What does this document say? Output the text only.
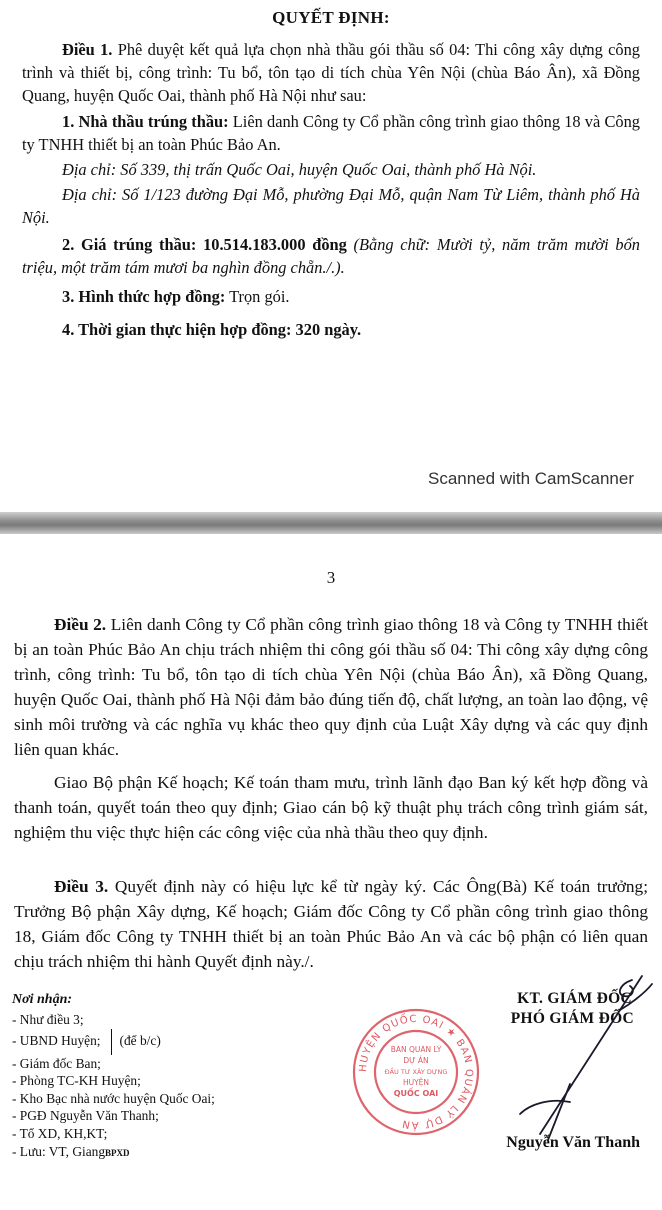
QUYẾT ĐỊNH:

Điều 1. Phê duyệt kết quả lựa chọn nhà thầu gói thầu số 04: Thi công xây dựng công trình và thiết bị, công trình: Tu bổ, tôn tạo di tích chùa Yên Nội (chùa Báo Ân), xã Đồng Quang, huyện Quốc Oai, thành phố Hà Nội như sau:

1. Nhà thầu trúng thầu: Liên danh Công ty Cổ phần công trình giao thông 18 và Công ty TNHH thiết bị an toàn Phúc Bảo An.

Địa chỉ: Số 339, thị trấn Quốc Oai, huyện Quốc Oai, thành phố Hà Nội.

Địa chỉ: Số 1/123 đường Đại Mỗ, phường Đại Mỗ, quận Nam Từ Liêm, thành phố Hà Nội.

2. Giá trúng thầu: 10.514.183.000 đồng (Bằng chữ: Mười tỷ, năm trăm mười bốn triệu, một trăm tám mươi ba nghìn đồng chẵn./.).

3. Hình thức hợp đồng: Trọn gói.

4. Thời gian thực hiện hợp đồng: 320 ngày.

Scanned with CamScanner
3

Điều 2. Liên danh Công ty Cổ phần công trình giao thông 18 và Công ty TNHH thiết bị an toàn Phúc Bảo An chịu trách nhiệm thi công gói thầu số 04: Thi công xây dựng công trình, công trình: Tu bổ, tôn tạo di tích chùa Yên Nội (chùa Báo Ân), xã Đồng Quang, huyện Quốc Oai, thành phố Hà Nội đảm bảo đúng tiến độ, chất lượng, an toàn lao động, vệ sinh môi trường và các nghĩa vụ khác theo quy định của Luật Xây dựng và các quy định liên quan khác.

Giao Bộ phận Kế hoạch; Kế toán tham mưu, trình lãnh đạo Ban ký kết hợp đồng và thanh toán, quyết toán theo quy định; Giao cán bộ kỹ thuật phụ trách công trình giám sát, nghiệm thu việc thực hiện các công việc của nhà thầu theo quy định.

Điều 3. Quyết định này có hiệu lực kể từ ngày ký. Các Ông(Bà) Kế toán trưởng; Trưởng Bộ phận Xây dựng, Kế hoạch; Giám đốc Công ty Cổ phần công trình giao thông 18, Giám đốc Công ty TNHH thiết bị an toàn Phúc Bảo An và các bộ phận có liên quan chịu trách nhiệm thi hành Quyết định này./.

Nơi nhận:
- Như điều 3;
- UBND Huyện; (để b/c)
- Giám đốc Ban;
- Phòng TC-KH Huyện;
- Kho Bạc nhà nước huyện Quốc Oai;
- PGĐ Nguyễn Văn Thanh;
- Tổ XD, KH,KT;
- Lưu: VT, GiangBPXD
HUYỆN QUỐC OAI ★ BAN QUẢN LÝ DỰ ÁN
BAN QUẢN LÝ
DỰ ÁN
ĐẦU TƯ XÂY DỰNG
HUYỆN
QUỐC OAI
KT. GIÁM ĐỐC
PHÓ GIÁM ĐỐC
Nguyễn Văn Thanh
